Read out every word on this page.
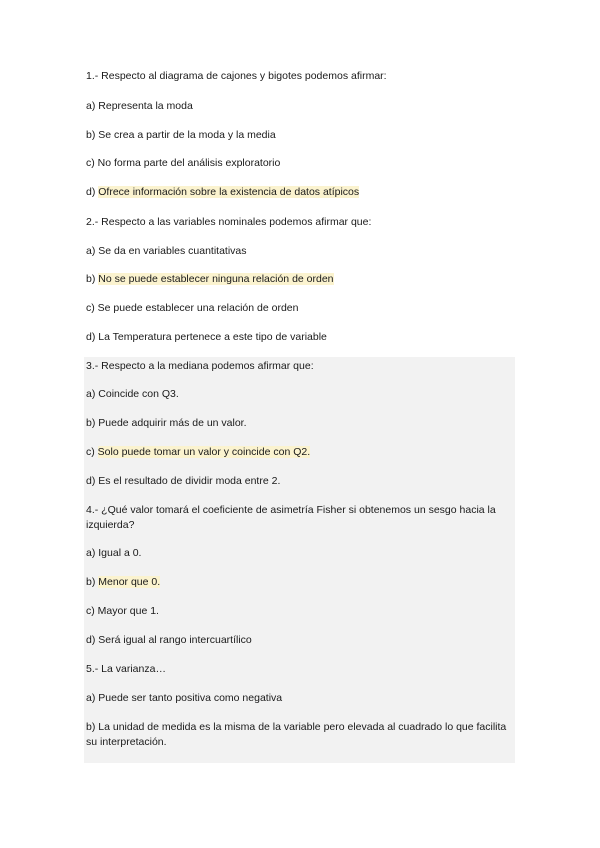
1.- Respecto al diagrama de cajones y bigotes podemos afirmar:
a) Representa la moda
b) Se crea a partir de la moda y la media
c) No forma parte del análisis exploratorio
d) Ofrece información sobre la existencia de datos atípicos
2.- Respecto a las variables nominales podemos afirmar que:
a) Se da en variables cuantitativas
b) No se puede establecer ninguna relación de orden
c) Se puede establecer una relación de orden
d) La Temperatura pertenece a este tipo de variable
3.- Respecto a la mediana podemos afirmar que:
a) Coincide con Q3.
b) Puede adquirir más de un valor.
c) Solo puede tomar un valor y coincide con Q2.
d) Es el resultado de dividir moda entre 2.
4.- ¿Qué valor tomará el coeficiente de asimetría Fisher si obtenemos un sesgo hacia la izquierda?
a) Igual a 0.
b) Menor que 0.
c) Mayor que 1.
d) Será igual al rango intercuartílico
5.- La varianza…
a) Puede ser tanto positiva como negativa
b) La unidad de medida es la misma de la variable pero elevada al cuadrado lo que facilita su interpretación.
